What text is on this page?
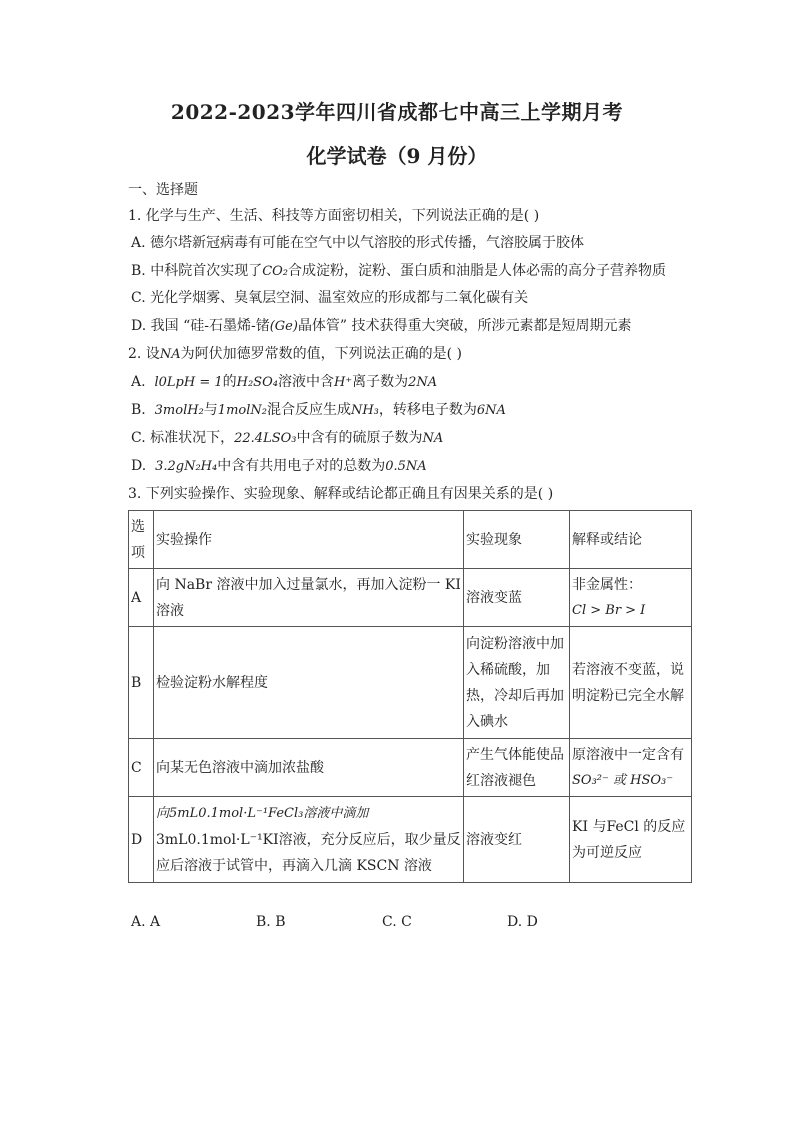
2022-2023学年四川省成都七中高三上学期月考
化学试卷（9 月份）
一、选择题
1. 化学与生产、生活、科技等方面密切相关，下列说法正确的是( )
A. 德尔塔新冠病毒有可能在空气中以气溶胶的形式传播，气溶胶属于胶体
B. 中科院首次实现了CO₂合成淀粉，淀粉、蛋白质和油脂是人体必需的高分子营养物质
C. 光化学烟雾、臭氧层空洞、温室效应的形成都与二氧化碳有关
D. 我国 “硅-石墨烯-锗(Ge)晶体管” 技术获得重大突破，所涉元素都是短周期元素
2. 设NA为阿伏加德罗常数的值，下列说法正确的是( )
A. l0LpH = 1的H₂SO₄溶液中含H⁺离子数为2NA
B. 3molH₂与1molN₂混合反应生成NH₃，转移电子数为6NA
C. 标准状况下，22.4LSO₃中含有的硫原子数为NA
D. 3.2gN₂H₄中含有共用电子对的总数为0.5NA
3. 下列实验操作、实验现象、解释或结论都正确且有因果关系的是( )
选项	实验操作	实验现象	解释或结论
A	向 NaBr 溶液中加入过量氯水，再加入淀粉一 KI 溶液	溶液变蓝	非金属性：
Cl > Br > I

B	检验淀粉水解程度	向淀粉溶液中加入稀硫酸，加热，冷却后再加入碘水	若溶液不变蓝，说明淀粉已完全水解
C	向某无色溶液中滴加浓盐酸	产生气体能使品红溶液褪色	原溶液中一定含有
SO₃²⁻ 或 HSO₃⁻

D	向5mL0.1mol·L⁻¹FeCl₃溶液中滴加
3mL0.1mol·L⁻¹KI溶液，充分反应后，取少量反应后溶液于试管中，再滴入几滴 KSCN 溶液	溶液变红	KI 与FeCl 的反应为可逆反应
A. A	B. B	C. C	D. D
